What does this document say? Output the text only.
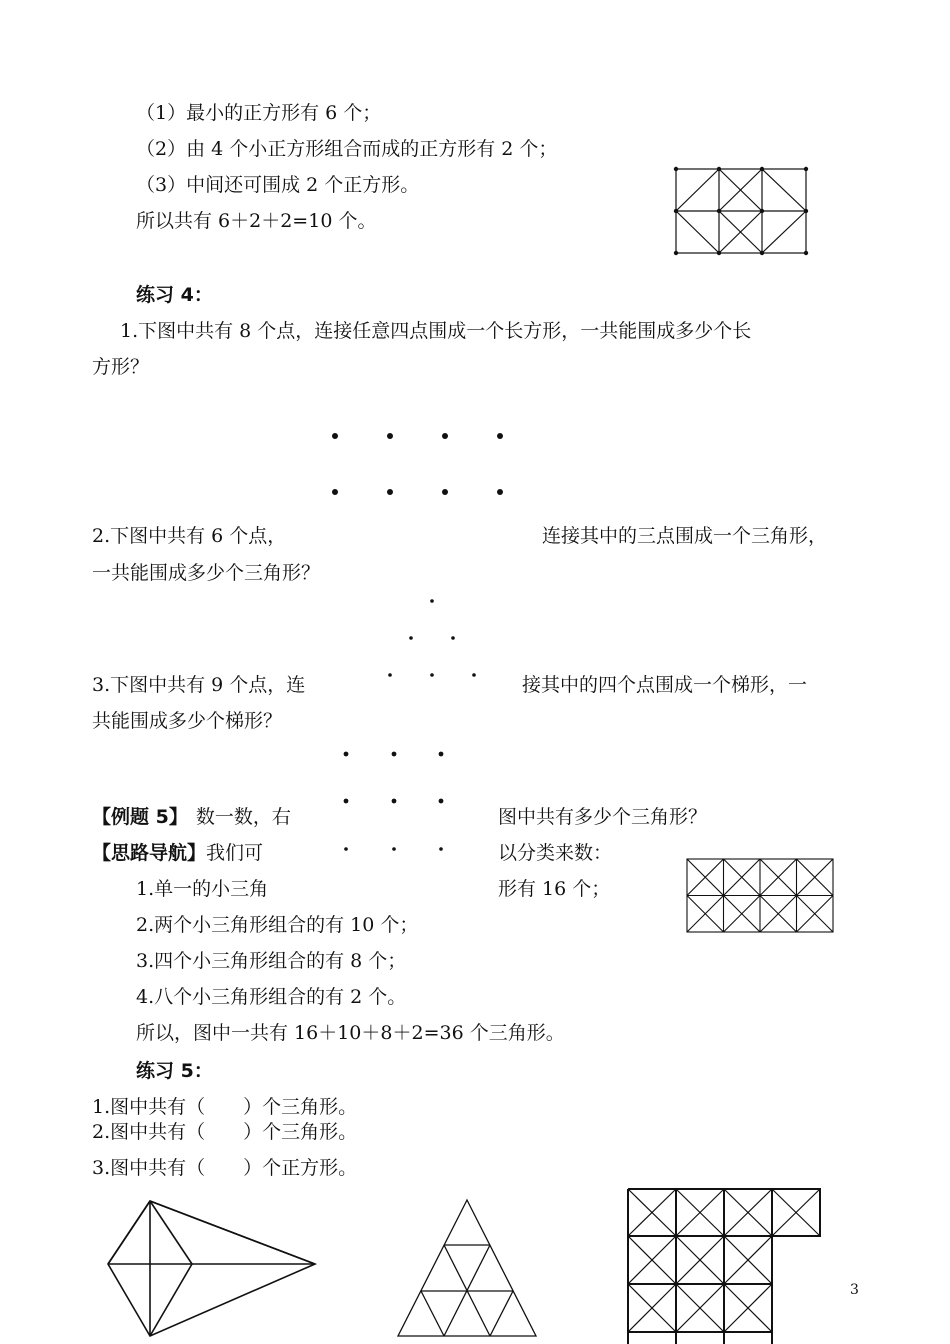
（1）最小的正方形有 6 个；
（2）由 4 个小正方形组合而成的正方形有 2 个；
（3）中间还可围成 2 个正方形。
所以共有 6＋2＋2=10 个。
练习 4：
1.下图中共有 8 个点，连接任意四点围成一个长方形，一共能围成多少个长
方形？
2.下图中共有 6 个点，	连接其中的三点围成一个三角形，
一共能围成多少个三角形？
3.下图中共有 9 个点，连	接其中的四个点围成一个梯形，一
共能围成多少个梯形？
【例题 5】 数一数，右	图中共有多少个三角形？
【思路导航】我们可	以分类来数：
1.单一的小三角	形有 16 个；
2.两个小三角形组合的有 10 个；
3.四个小三角形组合的有 8 个；
4.八个小三角形组合的有 2 个。
所以，图中一共有 16＋10＋8＋2=36 个三角形。
练习 5：
1.图中共有（　　）个三角形。
2.图中共有（　　）个三角形。
3.图中共有（　　）个正方形。
3
